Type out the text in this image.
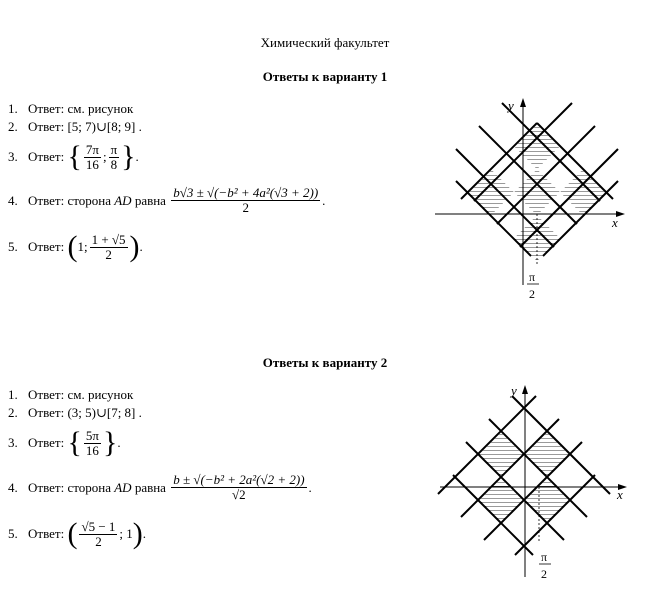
Химический факультет
Ответы к варианту 1
1. Ответ:
см. рисунок
2. Ответ:
[5; 7)∪[8; 9] .
3. Ответ:
{ $\frac{7\pi}{16}$ ; $\frac{\pi}{8}$ } .
4. Ответ:
сторона
AD
равна
$\frac{\text{b√3 ± √(−b² + 4a²(√3 + 2))}}{2}$ .
5. Ответ:
( 1; $\frac{1 + √5}{2}$ ) .
y
x
π
2
Ответы к варианту 2
1. Ответ:
см. рисунок
2. Ответ:
(3; 5)∪[7; 8] .
3. Ответ:
{ $\frac{5\pi}{16}$ } .
4. Ответ:
сторона
AD
равна
$\frac{\text{b ± √(−b² + 2a²(√2 + 2))}}{√2}$ .
5. Ответ:
( $\frac{√5 - 1}{2}$ ; 1 ) .
y
x
π
2
